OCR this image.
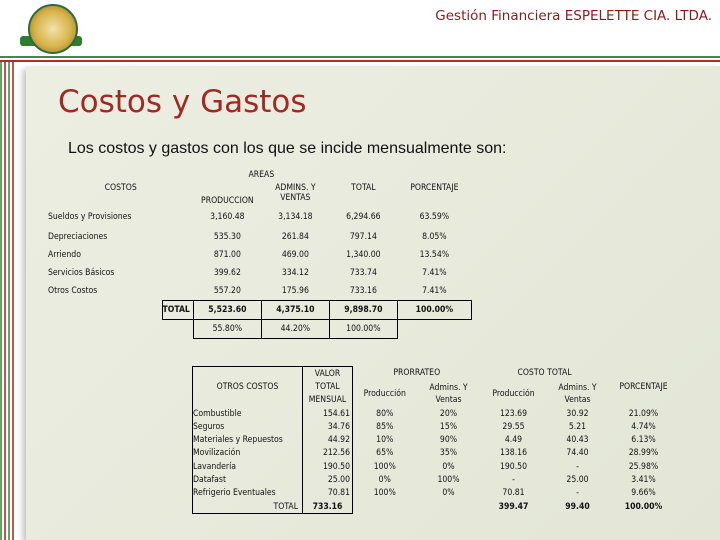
Gestión Financiera ESPELETTE CIA. LTDA.
Costos y Gastos
Los costos y gastos con los que se incide mensualmente son:
COSTOS		AREAS		TOTAL	PORCENTAJE
		PRODUCCION	ADMINS. Y VENTAS		

Sueldos y Provisiones		3,160.48	3,134.18	6,294.66	63.59%
Depreciaciones		535.30	261.84	797.14	8.05%
Arriendo		871.00	469.00	1,340.00	13.54%
Servicios Básicos		399.62	334.12	733.74	7.41%
Otros Costos		557.20	175.96	733.16	7.41%
	TOTAL	5,523.60	4,375.10	9,898.70	100.00%
		55.80%	44.20%	100.00%	
OTROS COSTOS	VALOR	PRORRATEO		COSTO TOTAL		PORCENTAJE
	TOTAL	Producción	Admins. Y Ventas	Producción	Admins. Y Ventas	
	MENSUAL					
Combustible	154.61	80%	20%	123.69	30.92	21.09%
Seguros	34.76	85%	15%	29.55	5.21	4.74%
Materiales y Repuestos	44.92	10%	90%	4.49	40.43	6.13%
Movilización	212.56	65%	35%	138.16	74.40	28.99%
Lavandería	190.50	100%	0%	190.50	-	25.98%
Datafast	25.00	0%	100%	-	25.00	3.41%
Refrigerio Eventuales	70.81	100%	0%	70.81	-	9.66%
TOTAL	733.16			399.47	99.40	100.00%
